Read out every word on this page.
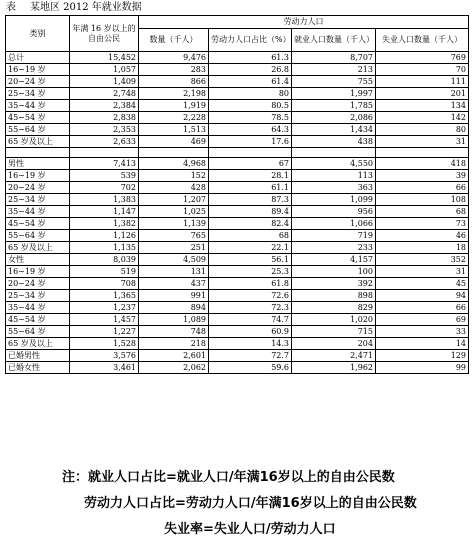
表 某地区 2012 年就业数据
类别	年满 16 岁以上的自由公民	劳动力人口			
		数量（千人）	劳动力人口占比（%）	就业人口数量（千人）	失业人口数量（千人）
总计	15,452	9,476	61.3	8,707	769
16~19 岁	1,057	283	26.8	213	70
20~24 岁	1,409	866	61.4	755	111
25~34 岁	2,748	2,198	80	1,997	201
35~44 岁	2,384	1,919	80.5	1,785	134
45~54 岁	2,838	2,228	78.5	2,086	142
55~64 岁	2,353	1,513	64.3	1,434	80
65 岁及以上	2,633	469	17.6	438	31

男性	7,413	4,968	67	4,550	418
16~19 岁	539	152	28.1	113	39
20~24 岁	702	428	61.1	363	66
25~34 岁	1,383	1,207	87.3	1,099	108
35~44 岁	1,147	1,025	89.4	956	68
45~54 岁	1,382	1,139	82.4	1,066	73
55~64 岁	1,126	765	68	719	46
65 岁及以上	1,135	251	22.1	233	18
女性	8,039	4,509	56.1	4,157	352
16~19 岁	519	131	25.3	100	31
20~24 岁	708	437	61.8	392	45
25~34 岁	1,365	991	72.6	898	94
35~44 岁	1,237	894	72.3	829	66
45~54 岁	1,457	1,089	74.7	1,020	69
55~64 岁	1,227	748	60.9	715	33
65 岁及以上	1,528	218	14.3	204	14
已婚男性	3,576	2,601	72.7	2,471	129
已婚女性	3,461	2,062	59.6	1,962	99
注：就业人口占比=就业人口/年满16岁以上的自由公民数
劳动力人口占比=劳动力人口/年满16岁以上的自由公民数
失业率=失业人口/劳动力人口
